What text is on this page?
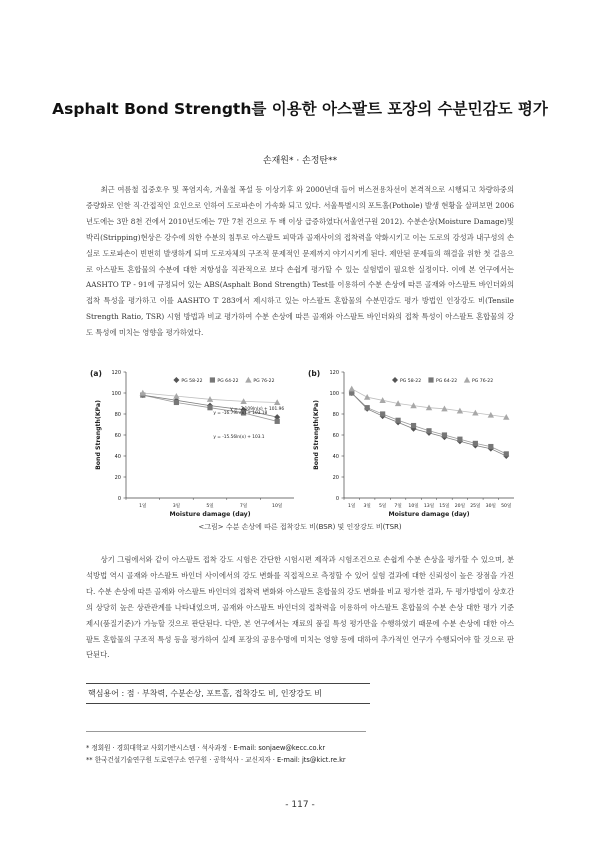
Asphalt Bond Strength를 이용한 아스팔트 포장의 수분민감도 평가
손재원* · 손정탄**

최근 여름철 집중호우 및 폭염지속, 겨울철 폭설 등 이상기후 와 2000년대 들어 버스전용차선이 본격적으로 시행되고 차량하중의 증량화로 인한 직·간접적인 요인으로 인하여 도로파손이 가속화 되고 있다. 서울특별시의 포트홀(Pothole) 발생 현황을 살펴보면 2006년도에는 3만 8천 건에서 2010년도에는 7만 7천 건으로 두 배 이상 급증하였다(서울연구원 2012). 수분손상(Moisture Damage)및 박리(Stripping)현상은 강수에 의한 수분의 침투로 아스팔트 피막과 골재사이의 접착력을 약화시키고 이는 도로의 강성과 내구성의 손실로 도로파손이 빈번히 발생하게 되며 도로자체의 구조적 문제적인 문제까지 야기시키게 된다. 제안된 문제들의 해결을 위한 첫 걸음으로 아스팔트 혼합물의 수분에 대한 저항성을 직관적으로 보다 손쉽게 평가할 수 있는 실험법이 필요한 실정이다. 이에 본 연구에서는 AASHTO TP - 91에 규정되어 있는 ABS(Asphalt Bond Strength) Test를 이용하여 수분 손상에 따른 골재와 아스팔트 바인더와의 접착 특성을 평가하고 이를 AASHTO T 283에서 제시하고 있는 아스팔트 혼합물의 수분민감도 평가 방법인 인장강도 비(Tensile Strength Ratio, TSR) 시험 방법과 비교 평가하여 수분 손상에 따른 골재와 아스팔트 바인더와의 접착 특성이 아스팔트 혼합물의 강도 특성에 미치는 영향을 평가하였다.

(a)
0
20
40
60
80
100
120
1일	3일	5일	7일	10일
Moisture damage (day)
Bond Strength(KPa)
PG 58-22	PG 64-22	PG 76-22
y = -7.109ln(x) + 101.96
y = -16.79ln(x) + 103.18
y = -15.56ln(x) + 103.1
(b)
0
20
40
60
80
100
120
1일 3일 5일 7일 10일 13일 15일 20일 25일 30일 50일
Moisture damage (day)
Bond Strength(KPa)
PG 58-22	PG 64-22	PG 76-22
<그림> 수분 손상에 따른 접착강도 비(BSR) 및 인장강도 비(TSR)

상기 그림에서와 같이 아스팔트 접착 강도 시험은 간단한 시험시편 제작과 시험조건으로 손쉽게 수분 손상을 평가할 수 있으며, 분석방법 역시 골재와 아스팔트 바인더 사이에서의 강도 변화를 직접적으로 측정할 수 있어 실험 결과에 대한 신뢰성이 높은 장점을 가진다. 수분 손상에 따른 골재와 아스팔트 바인더의 접착력 변화와 아스팔트 혼합물의 강도 변화를 비교 평가한 결과, 두 평가방법이 상호간의 상당히 높은 상관관계를 나타내었으며, 골재와 아스팔트 바인더의 접착력을 이용하여 아스팔트 혼합물의 수분 손상 대한 평가 기준 제시(품질기준)가 가능할 것으로 판단된다. 다만, 본 연구에서는 재료의 품질 특성 평가만을 수행하였기 때문에 수분 손상에 대한 아스팔트 혼합물의 구조적 특성 등을 평가하여 실제 포장의 공용수명에 미치는 영향 등에 대하여 추가적인 연구가 수행되어야 할 것으로 판단된다.

핵심용어 : 점 · 부착력, 수분손상, 포트홀, 접착강도 비, 인장강도 비
* 정회원 · 경희대학교 사회기반시스템 · 석사과정 · E-mail: sonjaew@kecc.co.kr
** 한국건설기술연구원 도로연구소 연구원 · 공학석사 · 교신저자 · E-mail: jts@kict.re.kr
- 117 -
